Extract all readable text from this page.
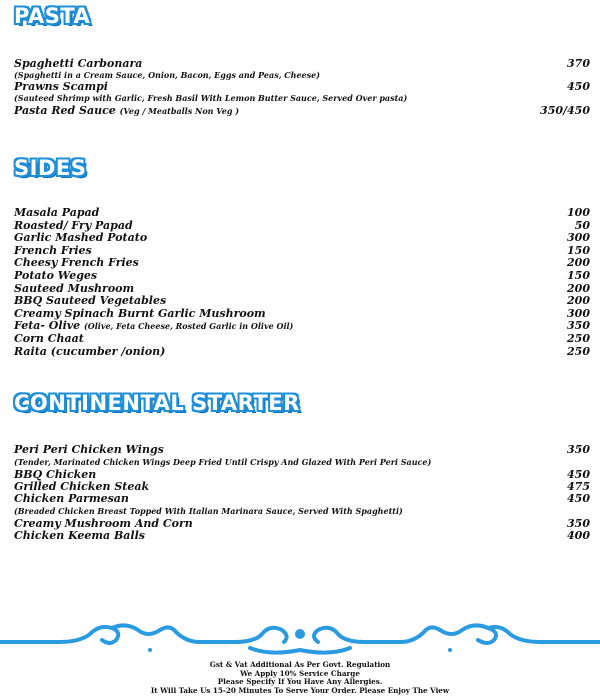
PASTA
Spaghetti Carbonara	370
(Spaghetti in a Cream Sauce, Onion, Bacon, Eggs and Peas, Cheese)
Prawns Scampi	450
(Sauteed Shrimp with Garlic, Fresh Basil With Lemon Butter Sauce, Served Over pasta)
Pasta Red Sauce (Veg / Meatballs Non Veg )	350/450
SIDES
Masala Papad	100
Roasted/ Fry Papad	50
Garlic Mashed Potato	300
French Fries	150
Cheesy French Fries	200
Potato Weges	150
Sauteed Mushroom	200
BBQ Sauteed Vegetables	200
Creamy Spinach Burnt Garlic Mushroom	300
Feta- Olive (Olive, Feta Cheese, Rosted Garlic in Olive Oil)	350
Corn Chaat	250
Raita (cucumber /onion)	250
CONTINENTAL STARTER
Peri Peri Chicken Wings	350
(Tender, Marinated Chicken Wings Deep Fried Until Crispy And Glazed With Peri Peri Sauce)
BBQ Chicken	450
Grilled Chicken Steak	475
Chicken Parmesan	450
(Breaded Chicken Breast Topped With Italian Marinara Sauce, Served With Spaghetti)
Creamy Mushroom And Corn	350
Chicken Keema Balls	400
Gst & Vat Additional As Per Govt. Regulation
We Apply 10% Service Charge
Please Specify If You Have Any Allergies.
It Will Take Us 15-20 Minutes To Serve Your Order. Please Enjoy The View
